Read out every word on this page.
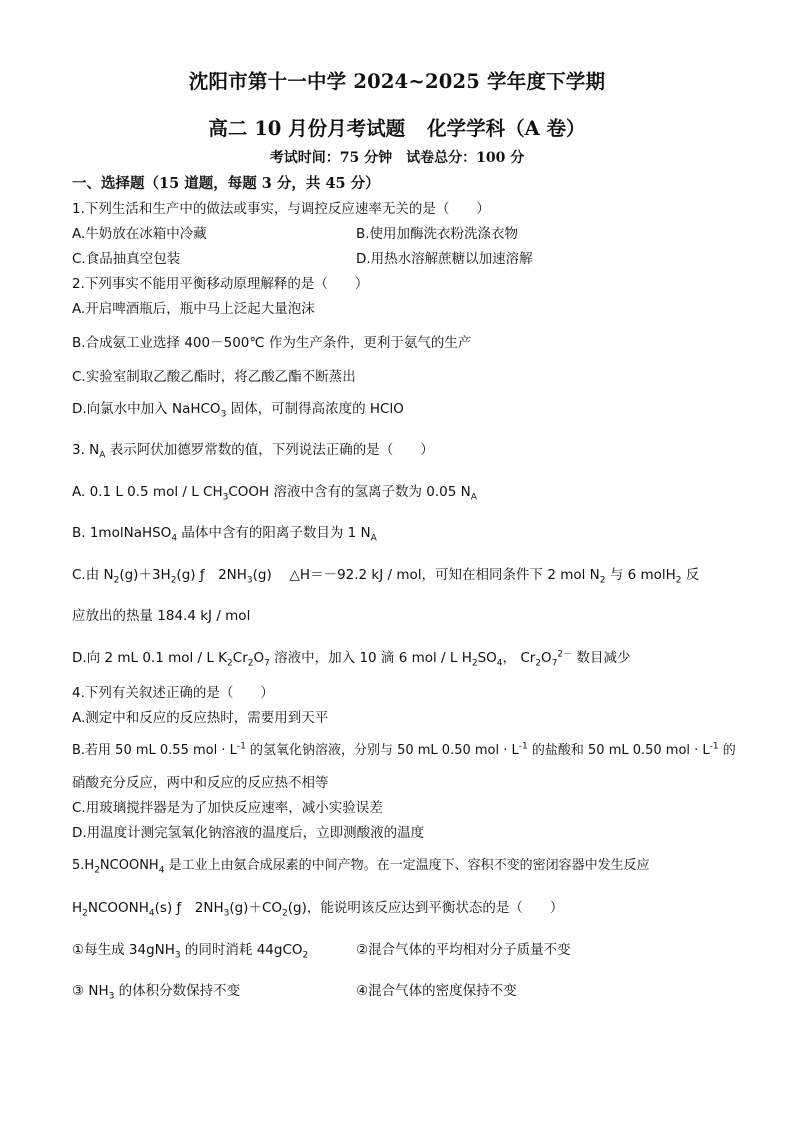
沈阳市第十一中学 2024~2025 学年度下学期
高二 10 月份月考试题 化学学科（A 卷）
考试时间：75 分钟 试卷总分：100 分
一、选择题（15 道题，每题 3 分，共 45 分）
1.下列生活和生产中的做法或事实，与调控反应速率无关的是（　　）
A.牛奶放在冰箱中冷藏	B.使用加酶洗衣粉洗涤衣物
C.食品抽真空包装	D.用热水溶解蔗糖以加速溶解
2.下列事实不能用平衡移动原理解释的是（　　）
A.开启啤酒瓶后，瓶中马上泛起大量泡沫
B.合成氨工业选择 400－500℃ 作为生产条件，更利于氨气的生产
C.实验室制取乙酸乙酯时，将乙酸乙酯不断蒸出
D.向氯水中加入 NaHCO$_3$ 固体，可制得高浓度的 HClO
3. $N_A$ 表示阿伏加德罗常数的值，下列说法正确的是（　　）
A. 0.1 L 0.5 mol / L $CH_3COOH$ 溶液中含有的氢离子数为 0.05 $N_A$
B. 1molNaHSO$_4$ 晶体中含有的阳离子数目为 1 $N_A$
C.由 $N_2(g)+3H_2(g)$ ƒ　$2NH_3(g)$　 △H＝－92.2 kJ / mol，可知在相同条件下 2 mol $N_2$ 与 6 molH$_2$ 反
应放出的热量 184.4 kJ / mol
D.向 2 mL 0.1 mol / L $K_2Cr_2O_7$ 溶液中，加入 10 滴 6 mol / L $H_2SO_4$， $Cr_2O_7^{2-}$ 数目减少
4.下列有关叙述正确的是（　　）
A.测定中和反应的反应热时，需要用到天平
B.若用 50 mL 0.55 mol · $L^{-1}$ 的氢氧化钠溶液，分别与 50 mL 0.50 mol · $L^{-1}$ 的盐酸和 50 mL 0.50 mol · $L^{-1}$ 的
硝酸充分反应，两中和反应的反应热不相等
C.用玻璃搅拌器是为了加快反应速率，减小实验误差
D.用温度计测完氢氧化钠溶液的温度后，立即测酸液的温度
$5.H_2NCOONH_4$ 是工业上由氨合成尿素的中间产物。在一定温度下、容积不变的密闭容器中发生反应
$H_2NCOONH_4(s)$ ƒ　$2NH_3(g)+CO_2(g)$，能说明该反应达到平衡状态的是（　　）
①每生成 34gNH$_3$ 的同时消耗 44gCO$_2$	②混合气体的平均相对分子质量不变
③ $NH_3$ 的体积分数保持不变	④混合气体的密度保持不变
